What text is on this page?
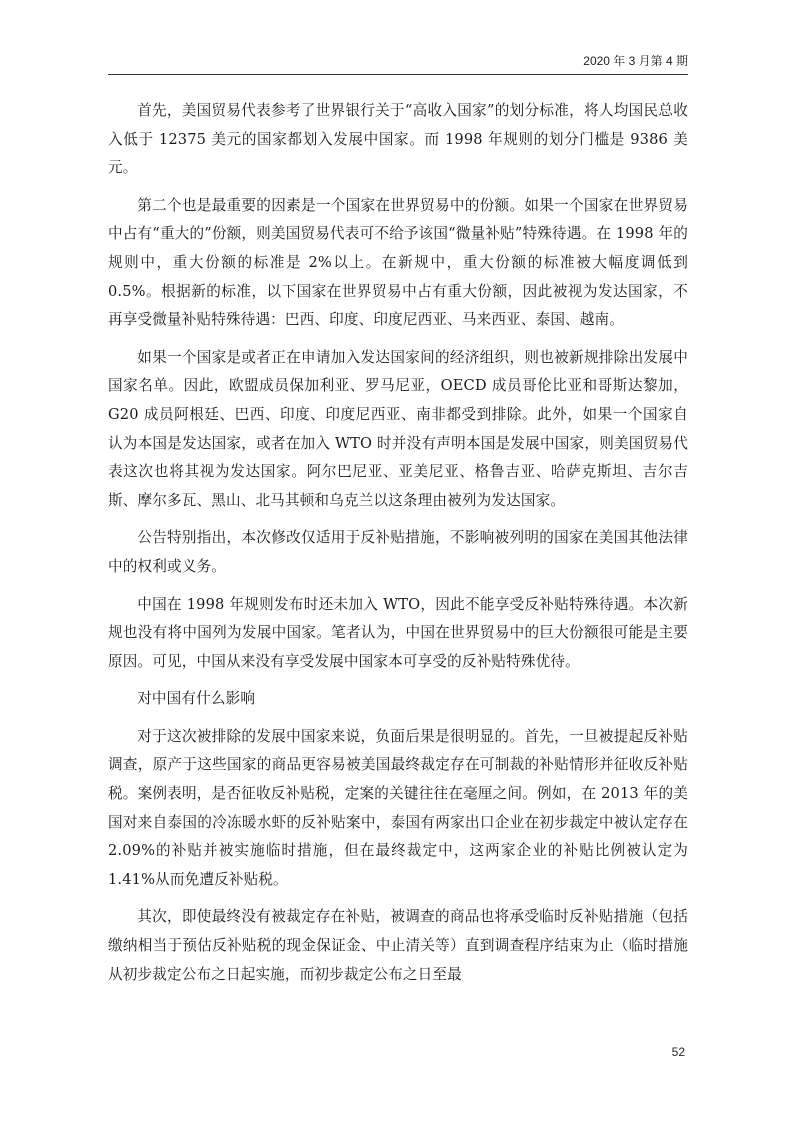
2020 年 3 月第 4 期

首先，美国贸易代表参考了世界银行关于“高收入国家”的划分标准，将人均国民总收入低于 12375 美元的国家都划入发展中国家。而 1998 年规则的划分门槛是 9386 美元。

第二个也是最重要的因素是一个国家在世界贸易中的份额。如果一个国家在世界贸易中占有“重大的”份额，则美国贸易代表可不给予该国“微量补贴”特殊待遇。在 1998 年的规则中，重大份额的标准是 2%以上。在新规中，重大份额的标准被大幅度调低到 0.5%。根据新的标准，以下国家在世界贸易中占有重大份额，因此被视为发达国家，不再享受微量补贴特殊待遇：巴西、印度、印度尼西亚、马来西亚、泰国、越南。

如果一个国家是或者正在申请加入发达国家间的经济组织，则也被新规排除出发展中国家名单。因此，欧盟成员保加利亚、罗马尼亚，OECD 成员哥伦比亚和哥斯达黎加，G20 成员阿根廷、巴西、印度、印度尼西亚、南非都受到排除。此外，如果一个国家自认为本国是发达国家，或者在加入 WTO 时并没有声明本国是发展中国家，则美国贸易代表这次也将其视为发达国家。阿尔巴尼亚、亚美尼亚、格鲁吉亚、哈萨克斯坦、吉尔吉斯、摩尔多瓦、黑山、北马其顿和乌克兰以这条理由被列为发达国家。

公告特别指出，本次修改仅适用于反补贴措施，不影响被列明的国家在美国其他法律中的权利或义务。

中国在 1998 年规则发布时还未加入 WTO，因此不能享受反补贴特殊待遇。本次新规也没有将中国列为发展中国家。笔者认为，中国在世界贸易中的巨大份额很可能是主要原因。可见，中国从来没有享受发展中国家本可享受的反补贴特殊优待。

对中国有什么影响

对于这次被排除的发展中国家来说，负面后果是很明显的。首先，一旦被提起反补贴调查，原产于这些国家的商品更容易被美国最终裁定存在可制裁的补贴情形并征收反补贴税。案例表明，是否征收反补贴税，定案的关键往往在毫厘之间。例如，在 2013 年的美国对来自泰国的冷冻暖水虾的反补贴案中，泰国有两家出口企业在初步裁定中被认定存在 2.09%的补贴并被实施临时措施，但在最终裁定中，这两家企业的补贴比例被认定为 1.41%从而免遭反补贴税。

其次，即使最终没有被裁定存在补贴，被调查的商品也将承受临时反补贴措施（包括缴纳相当于预估反补贴税的现金保证金、中止清关等）直到调查程序结束为止（临时措施从初步裁定公布之日起实施，而初步裁定公布之日至最

52
